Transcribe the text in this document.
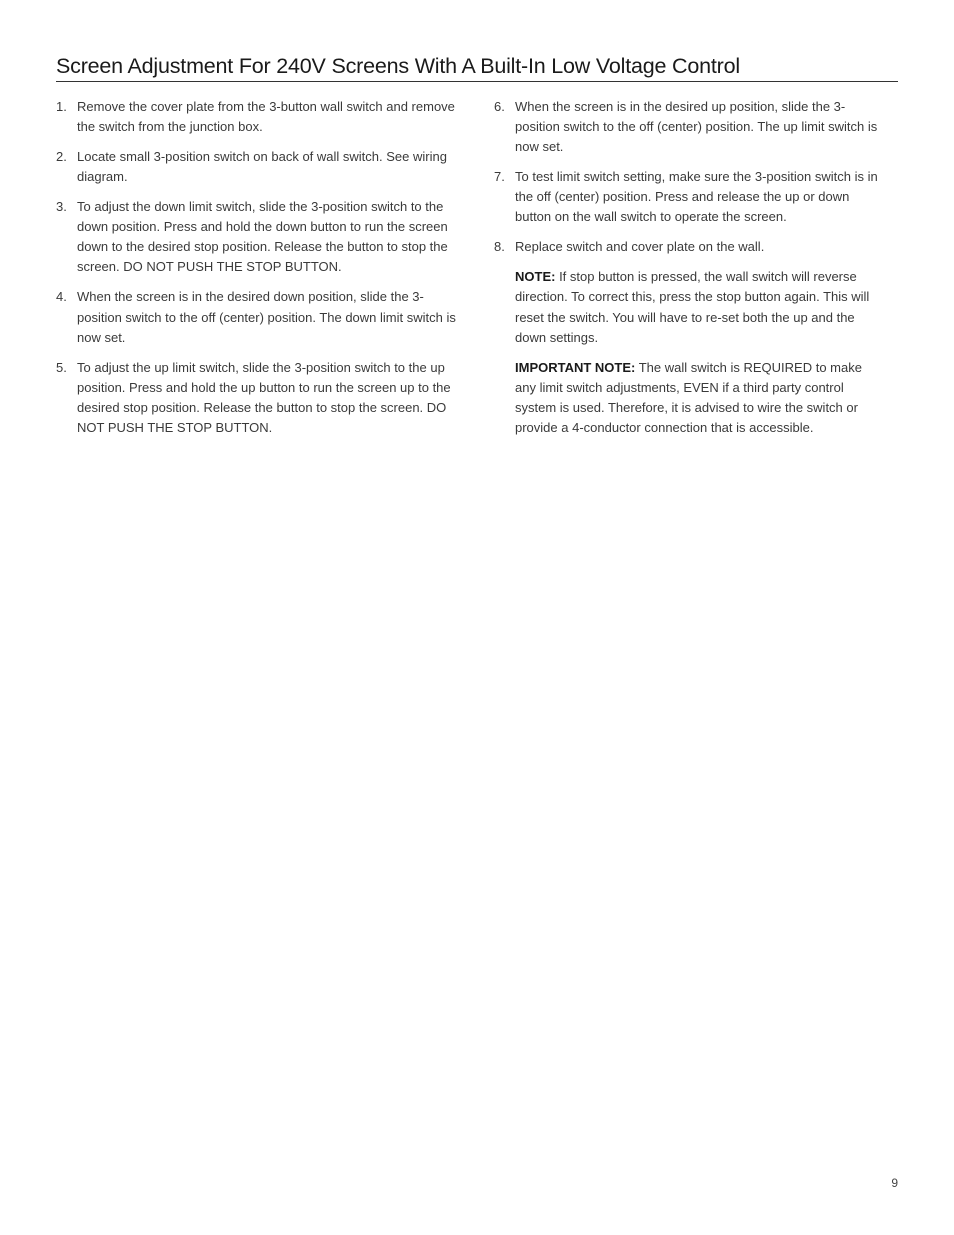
Screen Adjustment For 240V Screens With A Built-In Low Voltage Control
1. Remove the cover plate from the 3-button wall switch and remove the switch from the junction box.
2. Locate small 3-position switch on back of wall switch. See wiring diagram.
3. To adjust the down limit switch, slide the 3-position switch to the down position. Press and hold the down button to run the screen down to the desired stop position. Release the button to stop the screen. DO NOT PUSH THE STOP BUTTON.
4. When the screen is in the desired down position, slide the 3-position switch to the off (center) position. The down limit switch is now set.
5. To adjust the up limit switch, slide the 3-position switch to the up position. Press and hold the up button to run the screen up to the desired stop position. Release the button to stop the screen. DO NOT PUSH THE STOP BUTTON.
6. When the screen is in the desired up position, slide the 3-position switch to the off (center) position. The up limit switch is now set.
7. To test limit switch setting, make sure the 3-position switch is in the off (center) position. Press and release the up or down button on the wall switch to operate the screen.
8. Replace switch and cover plate on the wall.

NOTE: If stop button is pressed, the wall switch will reverse direction. To correct this, press the stop button again. This will reset the switch. You will have to re-set both the up and the down settings.

IMPORTANT NOTE: The wall switch is REQUIRED to make any limit switch adjustments, EVEN if a third party control system is used. Therefore, it is advised to wire the switch or provide a 4-conductor connection that is accessible.

9
